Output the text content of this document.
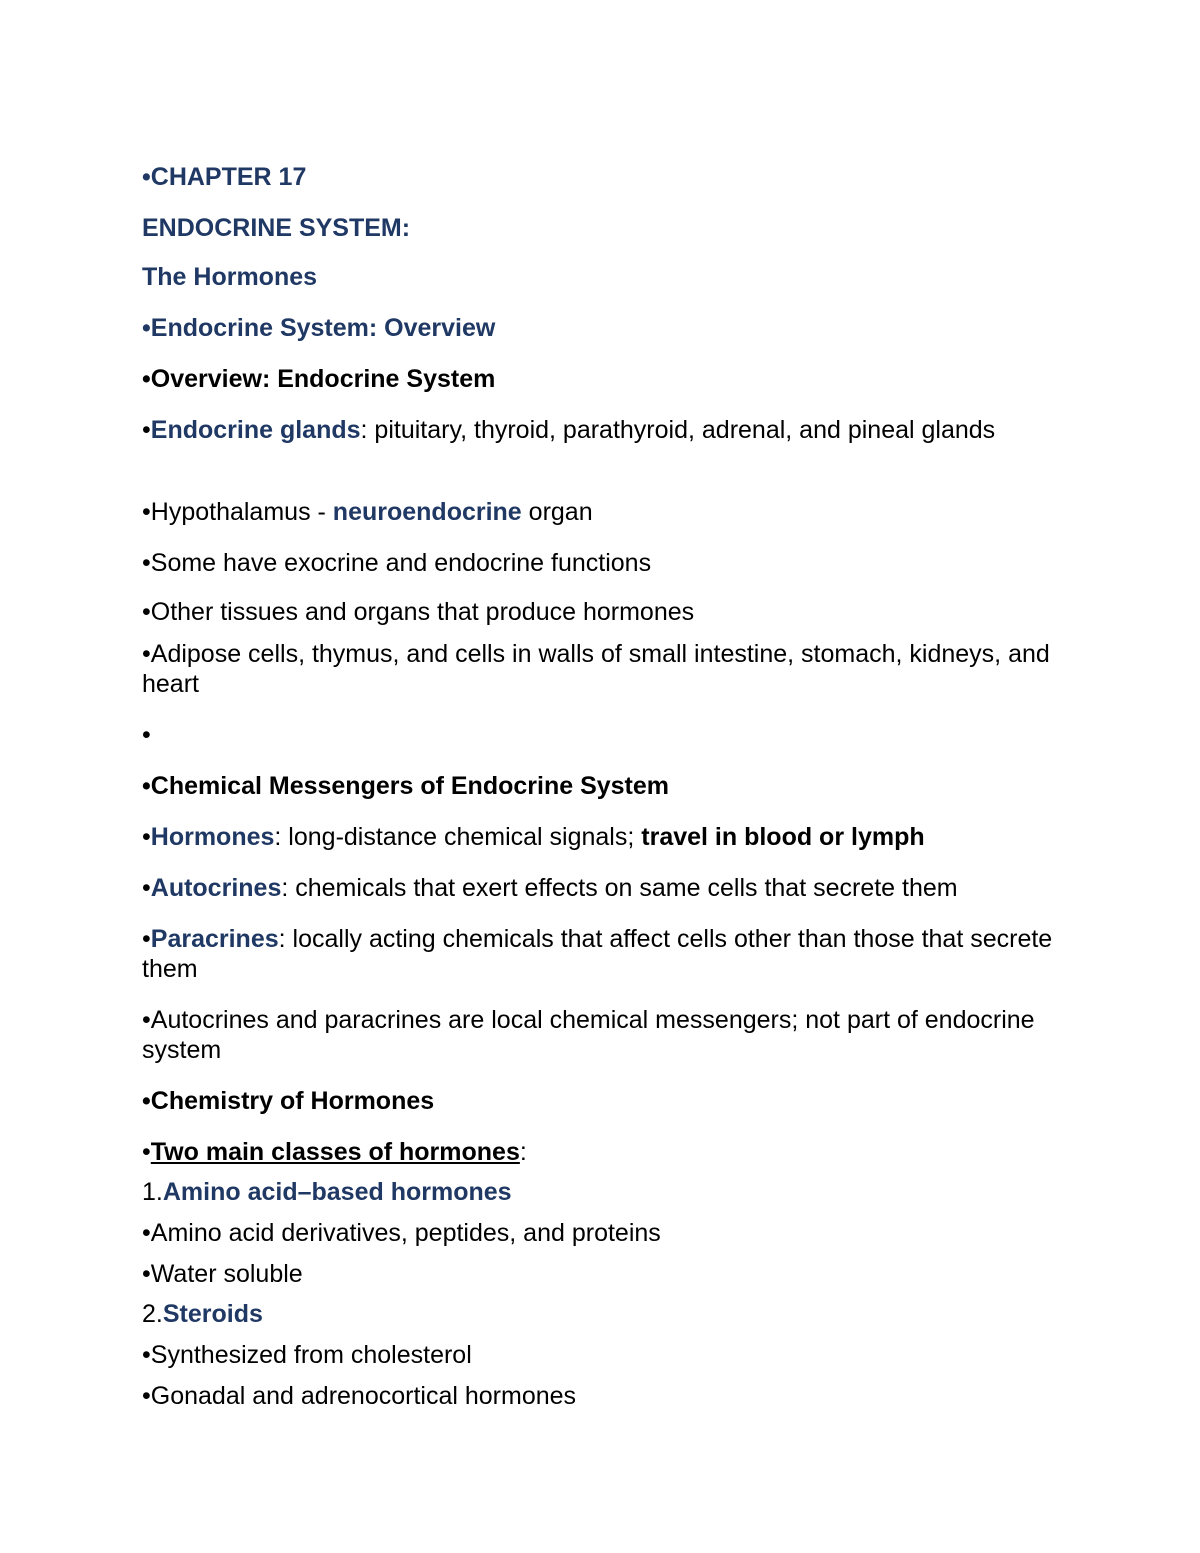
•CHAPTER 17
ENDOCRINE SYSTEM:
The Hormones
•Endocrine System: Overview
•Overview: Endocrine System
•Endocrine glands: pituitary, thyroid, parathyroid, adrenal, and pineal glands
•Hypothalamus - neuroendocrine organ
•Some have exocrine and endocrine functions
•Other tissues and organs that produce hormones
•Adipose cells, thymus, and cells in walls of small intestine, stomach, kidneys, and heart
•
•Chemical Messengers of Endocrine System
•Hormones: long-distance chemical signals; travel in blood or lymph
•Autocrines: chemicals that exert effects on same cells that secrete them
•Paracrines: locally acting chemicals that affect cells other than those that secrete them
•Autocrines and paracrines are local chemical messengers; not part of endocrine system
•Chemistry of Hormones
•Two main classes of hormones:
1.Amino acid–based hormones
•Amino acid derivatives, peptides, and proteins
•Water soluble
2.Steroids
•Synthesized from cholesterol
•Gonadal and adrenocortical hormones
